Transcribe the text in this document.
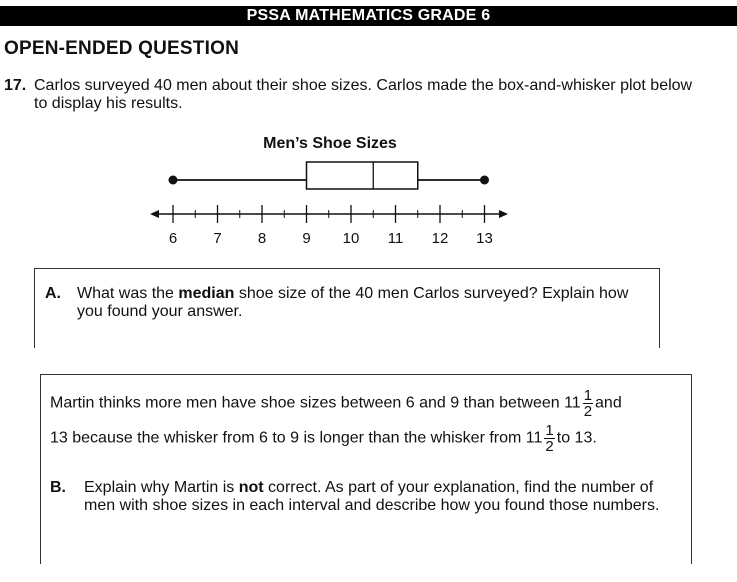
PSSA MATHEMATICS GRADE 6
OPEN-ENDED QUESTION
17. Carlos surveyed 40 men about their shoe sizes. Carlos made the box-and-whisker plot below to display his results.
Men’s Shoe Sizes
6 7 8 9 10 11 12 13
A. What was the median shoe size of the 40 men Carlos surveyed? Explain how you found your answer.
Martin thinks more men have shoe sizes between 6 and 9 than between $11 \frac{1}{2}$ and
13 because the whisker from 6 to 9 is longer than the whisker from $11 \frac{1}{2}$ to 13.
B. Explain why Martin is not correct. As part of your explanation, find the number of men with shoe sizes in each interval and describe how you found those numbers.
